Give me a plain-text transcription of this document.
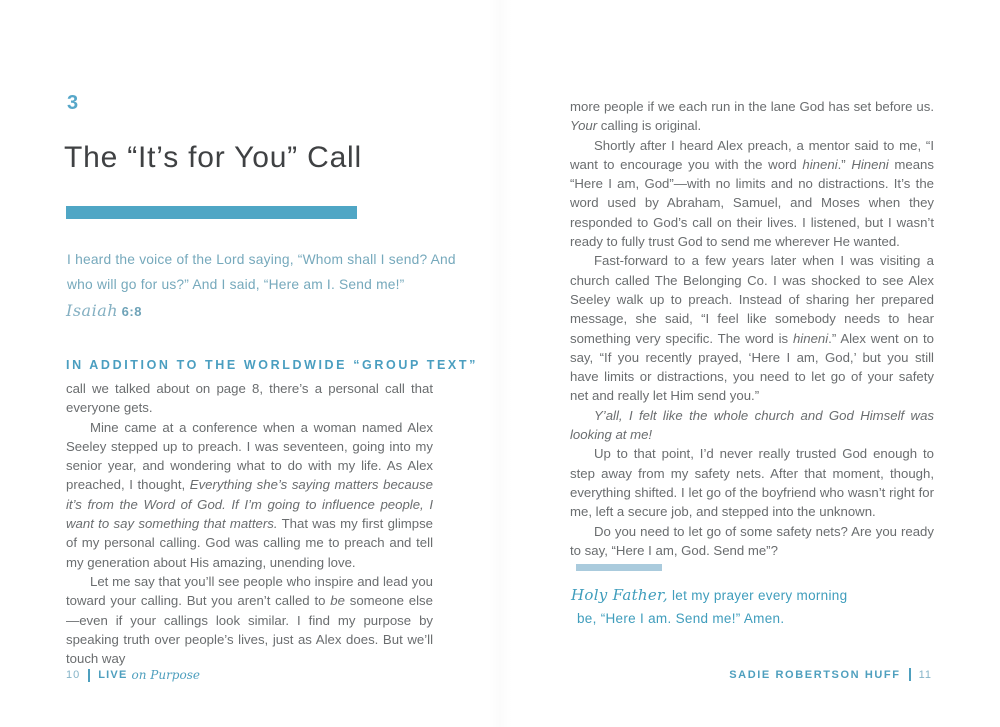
3
The “It’s for You” Call
I heard the voice of the Lord saying, “Whom shall I send? And
who will go for us?” And I said, “Here am I. Send me!”
Isaiah 6:8
IN ADDITION TO THE WORLDWIDE “GROUP TEXT”

call we talked about on page 8, there’s a personal call that everyone gets.

Mine came at a conference when a woman named Alex Seeley stepped up to preach. I was seventeen, going into my senior year, and wondering what to do with my life. As Alex preached, I thought, Everything she’s saying matters because it’s from the Word of God. If I’m going to influence people, I want to say something that matters. That was my first glimpse of my personal calling. God was calling me to preach and tell my generation about His amazing, unending love.

Let me say that you’ll see people who inspire and lead you toward your calling. But you aren’t called to be someone else—even if your callings look similar. I find my purpose by speaking truth over people’s lives, just as Alex does. But we’ll touch way

10 LIVE on Purpose

more people if we each run in the lane God has set before us. Your calling is original.

Shortly after I heard Alex preach, a mentor said to me, “I want to encourage you with the word hineni.” Hineni means “Here I am, God”—with no limits and no distractions. It’s the word used by Abraham, Samuel, and Moses when they responded to God’s call on their lives. I listened, but I wasn’t ready to fully trust God to send me wherever He wanted.

Fast-forward to a few years later when I was visiting a church called The Belonging Co. I was shocked to see Alex Seeley walk up to preach. Instead of sharing her prepared message, she said, “I feel like somebody needs to hear something very specific. The word is hineni.” Alex went on to say, “If you recently prayed, ‘Here I am, God,’ but you still have limits or distractions, you need to let go of your safety net and really let Him send you.”

Y’all, I felt like the whole church and God Himself was looking at me!

Up to that point, I’d never really trusted God enough to step away from my safety nets. After that moment, though, everything shifted. I let go of the boyfriend who wasn’t right for me, left a secure job, and stepped into the unknown.

Do you need to let go of some safety nets? Are you ready to say, “Here I am, God. Send me”?

Holy Father, let my prayer every morning
be, “Here I am. Send me!” Amen.
SADIE ROBERTSON HUFF 11
